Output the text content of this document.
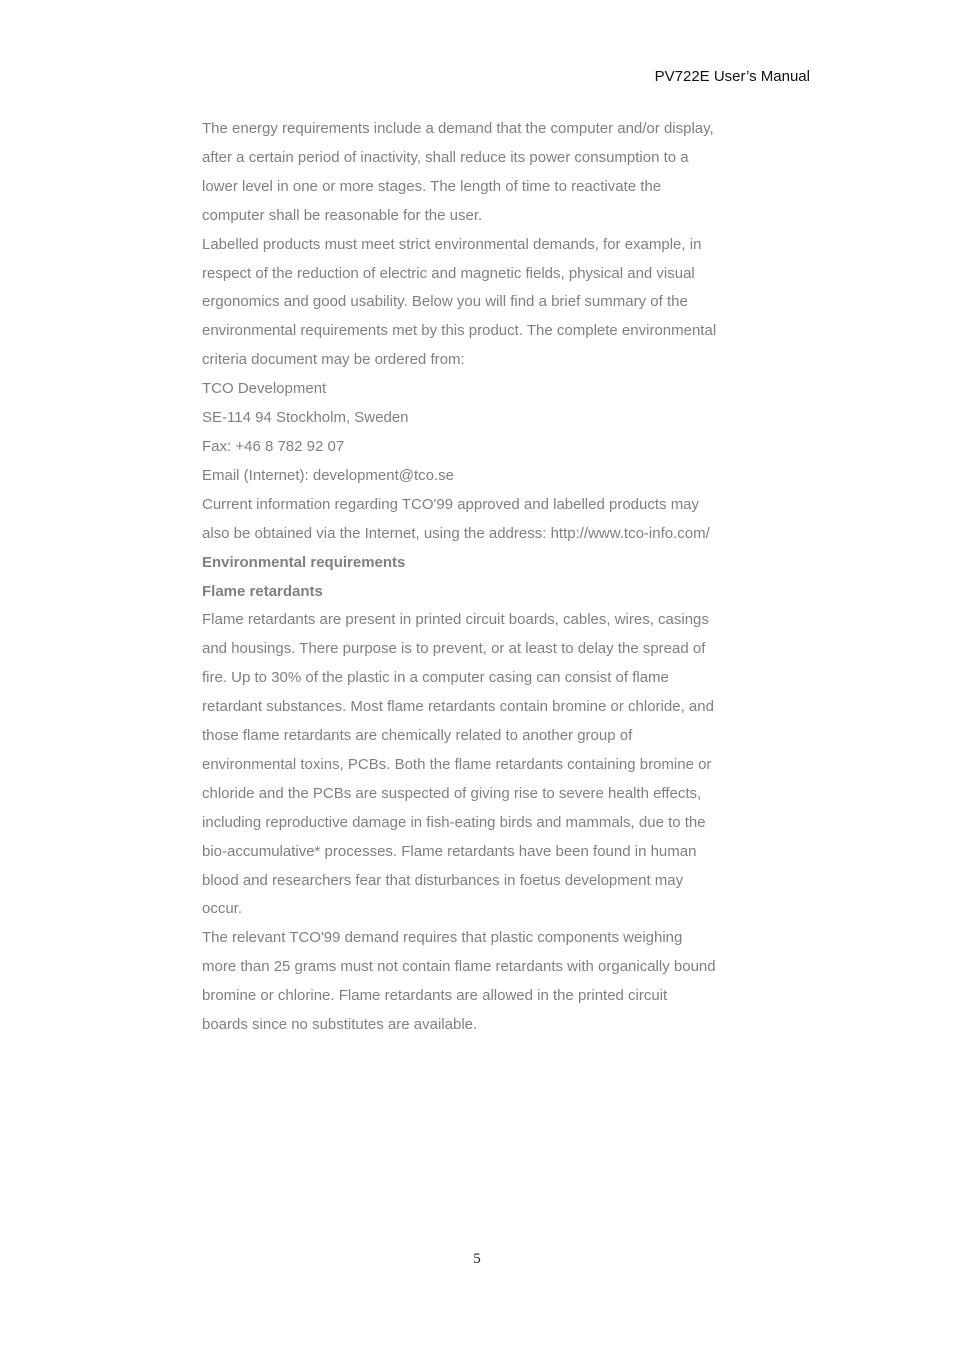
PV722E User’s Manual

The energy requirements include a demand that the computer and/or display,
after a certain period of inactivity, shall reduce its power consumption to a
lower level in one or more stages. The length of time to reactivate the
computer shall be reasonable for the user.

Labelled products must meet strict environmental demands, for example, in
respect of the reduction of electric and magnetic fields, physical and visual
ergonomics and good usability. Below you will find a brief summary of the
environmental requirements met by this product. The complete environmental
criteria document may be ordered from:

TCO Development
SE-114 94 Stockholm, Sweden
Fax: +46 8 782 92 07
Email (Internet): development@tco.se

Current information regarding TCO'99 approved and labelled products may
also be obtained via the Internet, using the address: http://www.tco-info.com/

Environmental requirements

Flame retardants

Flame retardants are present in printed circuit boards, cables, wires, casings
and housings. There purpose is to prevent, or at least to delay the spread of
fire. Up to 30% of the plastic in a computer casing can consist of flame
retardant substances. Most flame retardants contain bromine or chloride, and
those flame retardants are chemically related to another group of
environmental toxins, PCBs. Both the flame retardants containing bromine or
chloride and the PCBs are suspected of giving rise to severe health effects,
including reproductive damage in fish-eating birds and mammals, due to the
bio-accumulative* processes. Flame retardants have been found in human
blood and researchers fear that disturbances in foetus development may
occur.

The relevant TCO'99 demand requires that plastic components weighing
more than 25 grams must not contain flame retardants with organically bound
bromine or chlorine. Flame retardants are allowed in the printed circuit
boards since no substitutes are available.

5
